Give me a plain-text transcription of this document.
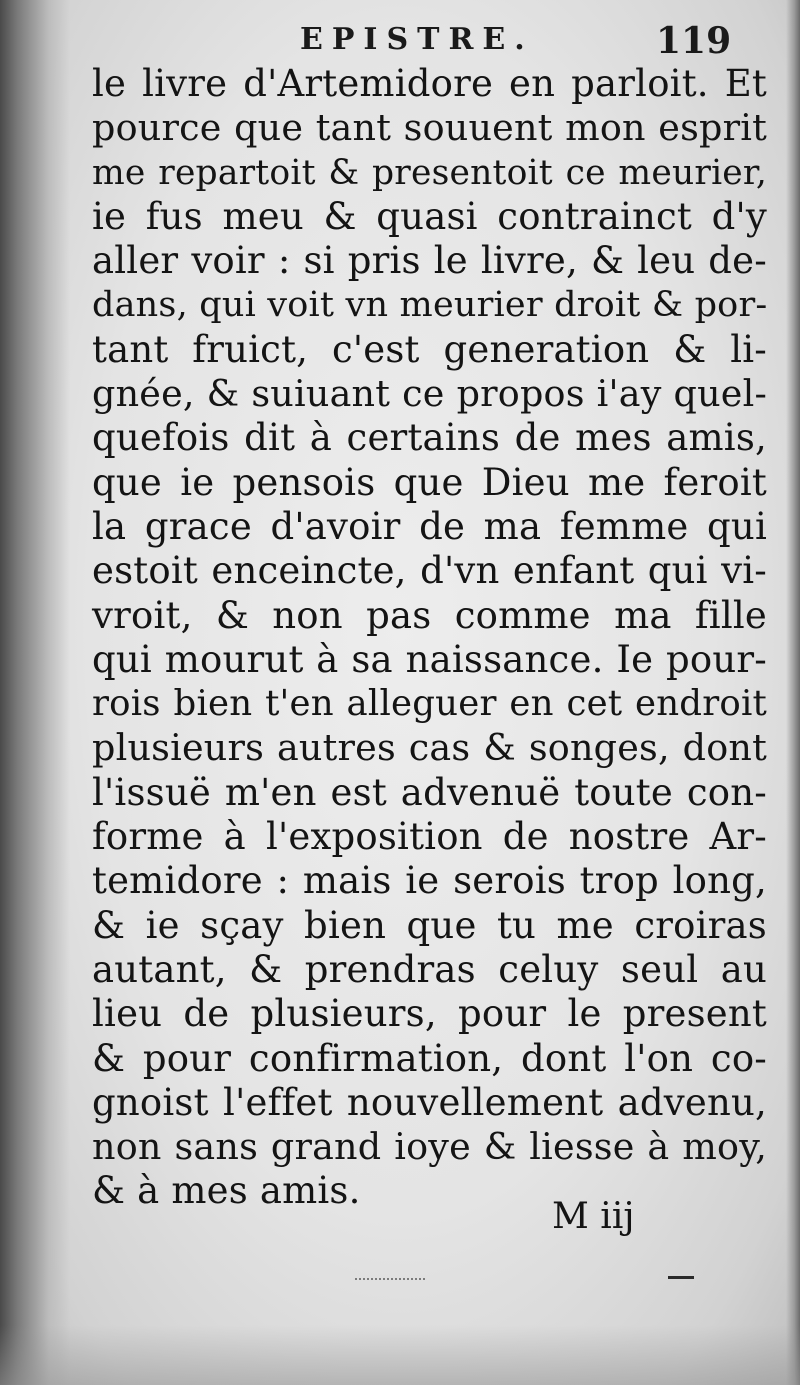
EPISTRE.	119
le livre d'Artemidore en parloit. Et
pource que tant souuent mon esprit
me repartoit & presentoit ce meurier,
ie fus meu & quasi contrainct d'y
aller voir : si pris le livre, & leu de-
dans, qui voit vn meurier droit & por-
tant fruict, c'est generation & li-
gnée, & suiuant ce propos i'ay quel-
quefois dit à certains de mes amis,
que ie pensois que Dieu me feroit
la grace d'avoir de ma femme qui
estoit enceincte, d'vn enfant qui vi-
vroit, & non pas comme ma fille
qui mourut à sa naissance. Ie pour-
rois bien t'en alleguer en cet endroit
plusieurs autres cas & songes, dont
l'issuë m'en est advenuë toute con-
forme à l'exposition de nostre Ar-
temidore : mais ie serois trop long,
& ie sçay bien que tu me croiras
autant, & prendras celuy seul au
lieu de plusieurs, pour le present
& pour confirmation, dont l'on co-
gnoist l'effet nouvellement advenu,
non sans grand ioye & liesse à moy,
& à mes amis.
M iij
